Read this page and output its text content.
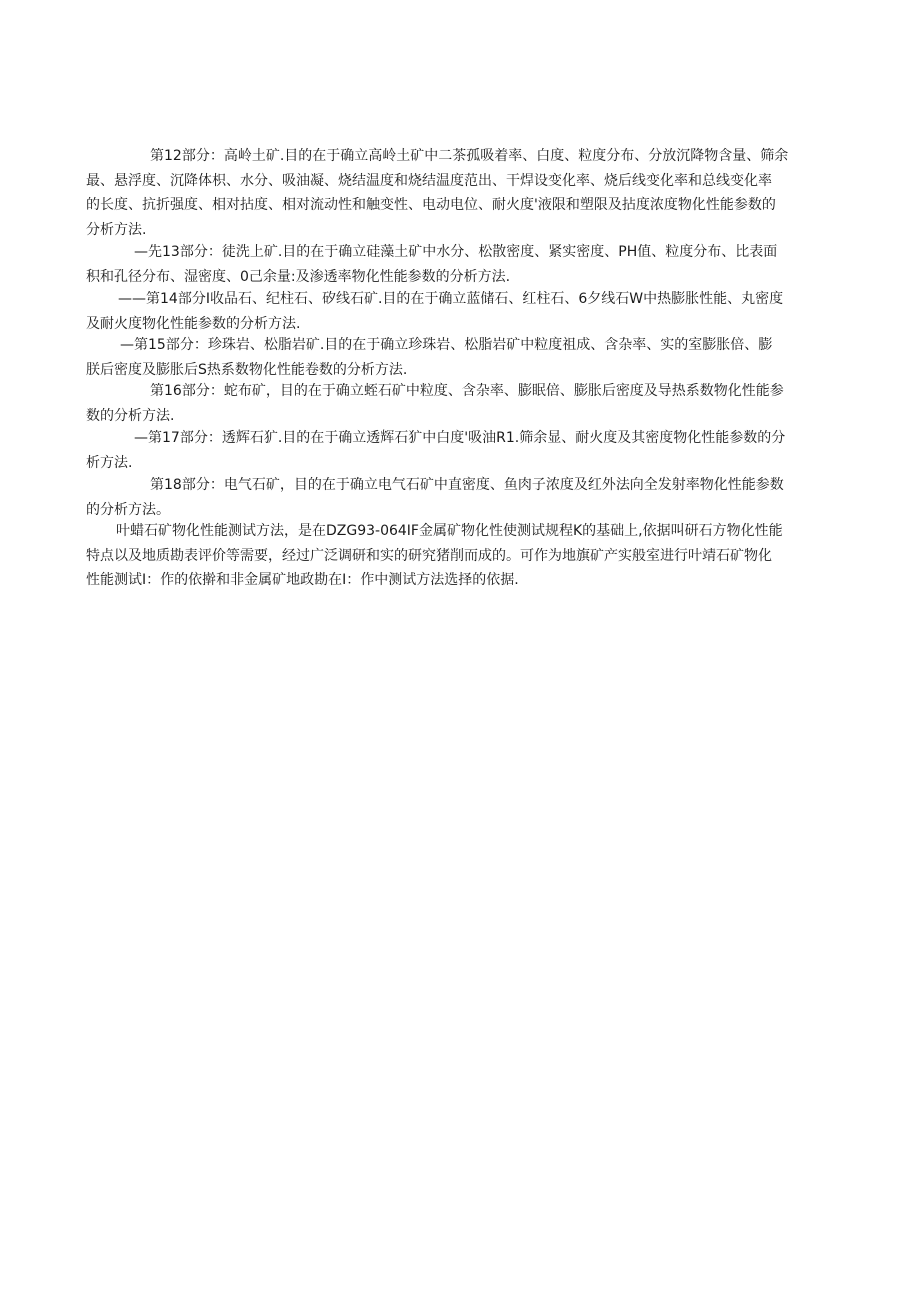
第12部分：高岭土矿.目的在于确立高岭土矿中二茶孤吸着率、白度、粒度分布、分放沉降物含量、筛余
最、悬浮度、沉降体枳、水分、吸油凝、烧结温度和烧结温度范出、干焊设变化率、烧后线变化率和总线变化率
的长度、抗折强度、相对拈度、相对流动性和触变性、电动电位、耐火度'液限和塑限及拈度浓度物化性能参数的
分析方法.
—先13部分：徒洗上矿.目的在于确立硅藻土矿中水分、松散密度、紧实密度、PH值、粒度分布、比表面
积和孔径分布、湿密度、0己余量:及渗透率物化性能参数的分析方法.
——第14部分I收品石、纪柱石、矽线石矿.目的在于确立蓝储石、红柱石、6夕线石W中热膨胀性能、丸密度
及耐火度物化性能参数的分析方法.
—第15部分：珍珠岩、松脂岩矿.目的在于确立珍珠岩、松脂岩矿中粒度祖成、含杂率、实的室膨胀倍、膨
朕后密度及膨胀后S热系数物化性能卷数的分析方法.
第16部分：蛇布矿，目的在于确立蛭石矿中粒度、含杂率、膨眠倍、膨胀后密度及导热系数物化性能参
数的分析方法.
—第17部分：透辉石犷.目的在于确立透辉石犷中白度'吸油R1.筛余显、耐火度及其密度物化性能参数的分
析方法.
第18部分：电气石矿，目的在于确立电气石矿中直密度、鱼肉子浓度及红外法向全发射率物化性能参数
的分析方法。
叶蜡石矿物化性能测试方法，是在DZG93-064IF金属矿物化性使测试规程K的基础上,依据叫研石方物化性能
特点以及地质勘表评价等需要，经过广泛调研和实的研究猪削而成的。可作为地旗矿产实般室进行叶靖石矿物化
性能测试I：作的依擀和非金属矿地政勘在I：作中测试方法选择的依据.
